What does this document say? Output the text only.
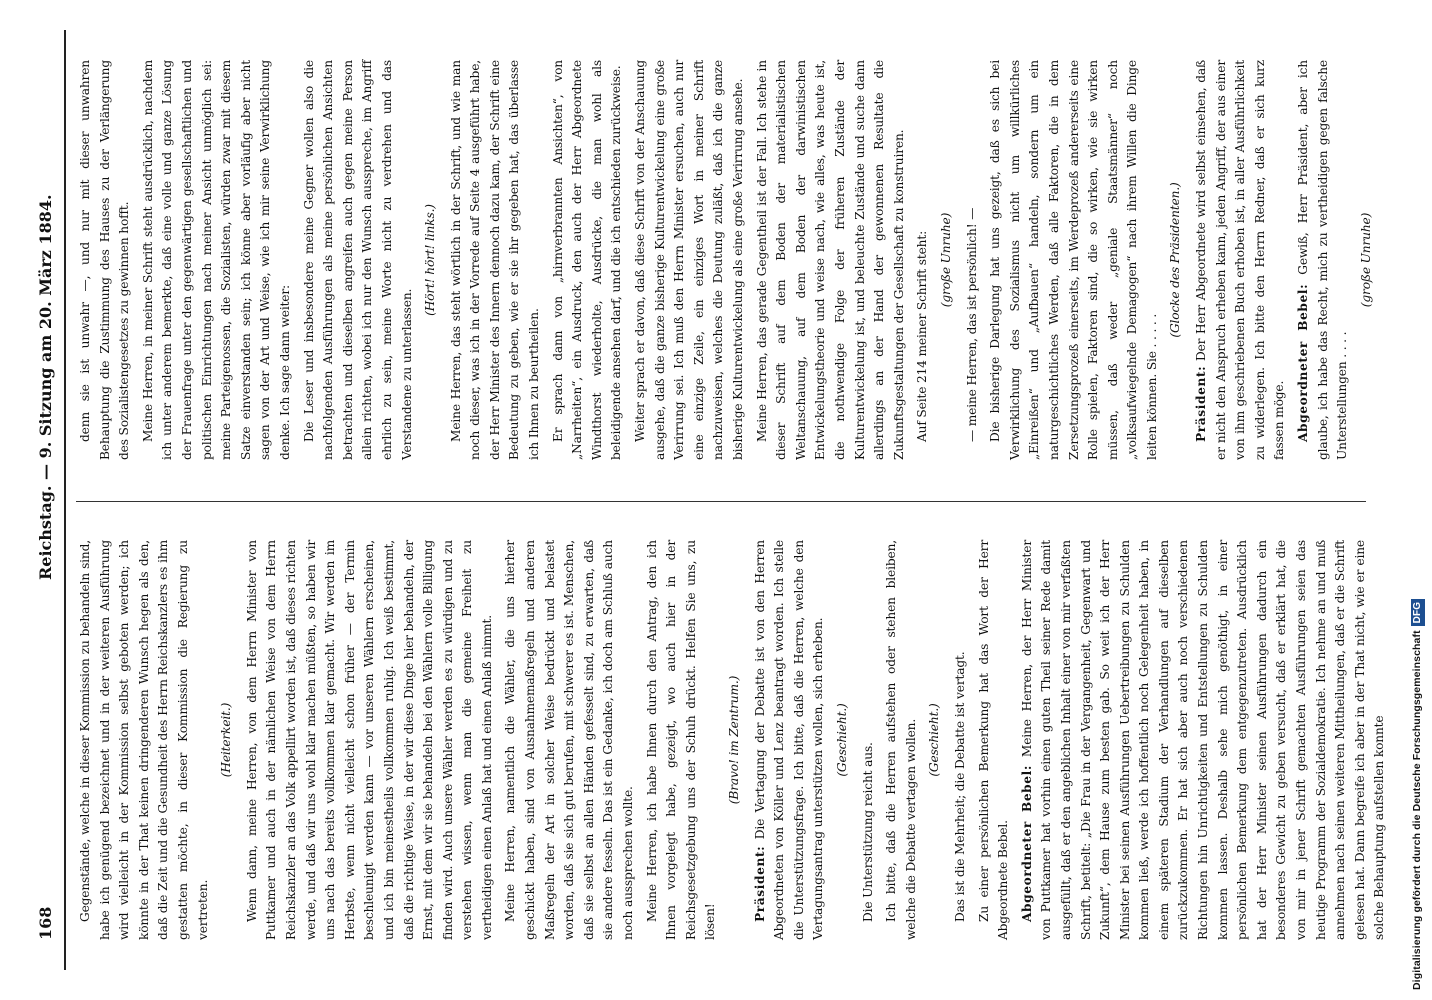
168
Reichstag. — 9. Sitzung am 20. März 1884.

Gegenstände, welche in dieser Kommission zu behandeln sind, habe ich genügend bezeichnet und in der weiteren Ausführung wird vielleicht in der Kommission selbst geboten werden; ich könnte in der That keinen dringenderen Wunsch hegen als den, daß die Zeit und die Gesundheit des Herrn Reichskanzlers es ihm gestatten möchte, in dieser Kommission die Regierung zu vertreten.

(Heiterkeit.) Wenn dann, meine Herren, von dem Herrn Minister von Puttkamer und auch in der nämlichen Weise von dem Herrn Reichskanzler an das Volk appellirt worden ist, daß dieses richten werde, und daß wir uns wohl klar machen müßten, so haben wir uns nach das bereits vollkommen klar gemacht. Wir werden im Herbste, wenn nicht vielleicht schon früher — der Termin beschleunigt werden kann — vor unseren Wählern erscheinen, und ich bin meinestheils vollkommen ruhig. Ich weiß bestimmt, daß die richtige Weise, in der wir diese Dinge hier behandeln, der Ernst, mit dem wir sie behandeln bei den Wählern volle Billigung finden wird. Auch unsere Wähler werden es zu würdigen und zu verstehen wissen, wenn man die gemeine Freiheit zu vertheidigen einen Anlaß hat und einen Anlaß nimmt. Meine Herren, namentlich die Wähler, die uns hierher geschickt haben, sind von Ausnahmemaßregeln und anderen Maßregeln der Art in solcher Weise bedrückt und belastet worden, daß sie sich gut berufen, mit schwerer es ist. Menschen, daß sie selbst an allen Händen gefesselt sind, zu erwarten, daß sie andere fesseln. Das ist ein Gedanke, ich doch am Schluß auch noch aussprechen wollte. Meine Herren, ich habe Ihnen durch den Antrag, den ich Ihnen vorgelegt habe, gezeigt, wo auch hier in der Reichsgesetzgebung uns der Schuh drückt. Helfen Sie uns, zu lösen!

(Bravo! im Zentrum.)

Präsident: Die Vertagung der Debatte ist von den Herren Abgeordneten von Köller und Lenz beantragt worden. Ich stelle die Unterstützungsfrage. Ich bitte, daß die Herren, welche den Vertagungsantrag unterstützen wollen, sich erheben. (Geschieht.)

Die Unterstützung reicht aus. Ich bitte, daß die Herren aufstehen oder stehen bleiben, welche die Debatte vertagen wollen. (Geschieht.) Das ist die Mehrheit; die Debatte ist vertagt. Zu einer persönlichen Bemerkung hat das Wort der Herr Abgeordnete Bebel. Abgeordneter Bebel: Meine Herren, der Herr Minister von Puttkamer hat vorhin einen guten Theil seiner Rede damit ausgefüllt, daß er den angeblichen Inhalt einer von mir verfaßten Schrift, betitelt: „Die Frau in der Vergangenheit, Gegenwart und Zukunft“, dem Hause zum besten gab. So weit ich der Herr Minister bei seinen Ausführungen Uebertreibungen zu Schulden kommen ließ, werde ich hoffentlich noch Gelegenheit haben, in einem späteren Stadium der Verhandlungen auf dieselben zurückzukommen. Er hat sich aber auch noch verschiedenen Richtungen hin Unrichtigkeiten und Entstellungen zu Schulden kommen lassen. Deshalb sehe mich genöthigt, in einer persönlichen Bemerkung dem entgegenzutreten. Ausdrücklich hat der Herr Minister seinen Ausführungen dadurch ein besonderes Gewicht zu geben versucht, daß er erklärt hat, die von mir in jener Schrift gemachten Ausführungen seien das heutige Programm der Sozialdemokratie. Ich nehme an und muß annehmen nach seinen weiteren Mittheilungen, daß er die Schrift gelesen hat. Dann begreife ich aber in der That nicht, wie er eine solche Behauptung aufstellen konnte

denn sie ist unwahr —, und nur mit dieser unwahren Behauptung die Zustimmung des Hauses zu der Verlängerung des Sozialistengesetzes zu gewinnen hofft. Meine Herren, in meiner Schrift steht ausdrücklich, nachdem ich unter anderem bemerkte, daß eine volle und ganze Lösung der Frauenfrage unter den gegenwärtigen gesellschaftlichen und politischen Einrichtungen nach meiner Ansicht unmöglich sei: meine Parteigenossen, die Sozialisten, würden zwar mit diesem Satze einverstanden sein; ich könne aber vorläufig aber nicht sagen von der Art und Weise, wie ich mir seine Verwirklichung denke. Ich sage dann weiter: Die Leser und insbesondere meine Gegner wollen also die nachfolgenden Ausführungen als meine persönlichen Ansichten betrachten und dieselben angreifen auch gegen meine Person allein richten, wobei ich nur den Wunsch ausspreche, im Angriff ehrlich zu sein, meine Worte nicht zu verdrehen und das Verstandene zu unterlassen.

(Hört! hört! links.) Meine Herren, das steht wörtlich in der Schrift, und wie man noch dieser, was ich in der Vorrede auf Seite 4 ausgeführt habe, der Herr Minister des Innern dennoch dazu kam, der Schrift eine Bedeutung zu geben, wie er sie ihr gegeben hat, das überlasse ich Ihnen zu beurtheilen. Er sprach dann von „hirnverbrannten Ansichten“, von „Narrheiten“, ein Ausdruck, den auch der Herr Abgeordnete Windthorst wiederholte, Ausdrücke, die man wohl als beleidigende ansehen darf, und die ich entschieden zurückweise. Weiter sprach er davon, daß diese Schrift von der Anschauung ausgehe, daß die ganze bisherige Kulturentwickelung eine große Verirrung sei. Ich muß den Herrn Minister ersuchen, auch nur eine einzige Zeile, ein einziges Wort in meiner Schrift nachzuweisen, welches die Deutung zuläßt, daß ich die ganze bisherige Kulturentwickelung als eine große Verirrung ansehe. Meine Herren, das gerade Gegentheil ist der Fall. Ich stehe in dieser Schrift auf dem Boden der materialistischen Weltanschauung, auf dem Boden der darwinistischen Entwickelungstheorie und weise nach, wie alles, was heute ist, die nothwendige Folge der früheren Zustände der Kulturentwickelung ist, und beleuchte Zustände und suche dann allerdings an der Hand der gewonnenen Resultate die Zukunftsgestaltungen der Gesellschaft zu konstruiren. Auf Seite 214 meiner Schrift steht: (große Unruhe) — meine Herren, das ist persönlich! — Die bisherige Darlegung hat uns gezeigt, daß es sich bei Verwirklichung des Sozialismus nicht um willkürliches „Einreißen“ und „Aufbauen“ handeln, sondern um ein naturgeschichtliches Werden, daß alle Faktoren, die in dem Zersetzungsprozeß einerseits, im Werdeprozeß andererseits eine Rolle spielen, Faktoren sind, die so wirken, wie sie wirken müssen, daß weder „geniale Staatsmänner“ noch „volksaufwiegelnde Demagogen“ nach ihrem Willen die Dinge leiten können. Sie . . . . .

(Glocke des Präsidenten.)

Präsident: Der Herr Abgeordnete wird selbst einsehen, daß er nicht den Anspruch erheben kann, jeden Angriff, der aus einer von ihm geschriebenen Buch erhoben ist, in aller Ausführlichkeit zu widerlegen. Ich bitte den Herrn Redner, daß er sich kurz fassen möge. Abgeordneter Bebel: Gewiß, Herr Präsident, aber ich glaube, ich habe das Recht, mich zu vertheidigen gegen falsche Unterstellungen . . . .

(große Unruhe)

Digitalisierung gefördert durch die Deutsche ForschungsgemeinschaftDFG
